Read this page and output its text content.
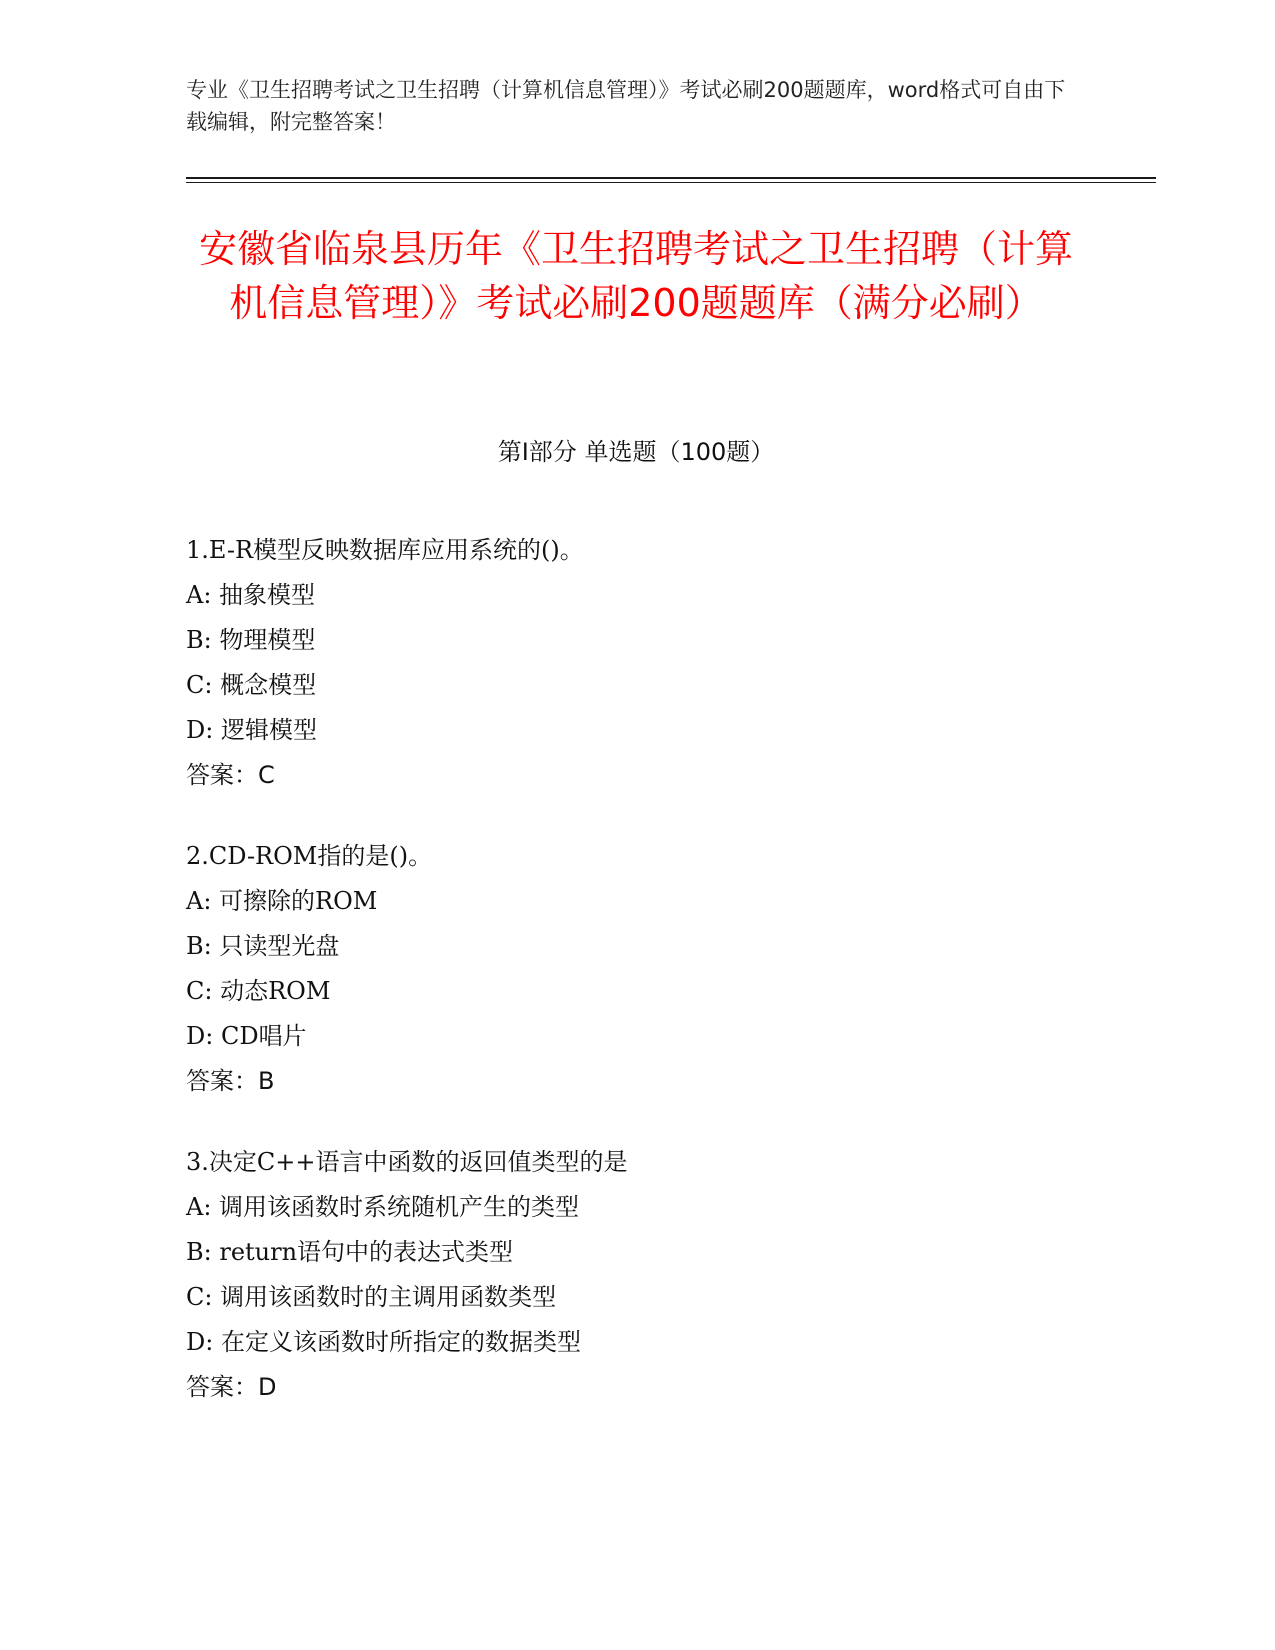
专业《卫生招聘考试之卫生招聘（计算机信息管理）》考试必刷200题题库，word格式可自由下载编辑，附完整答案！
安徽省临泉县历年《卫生招聘考试之卫生招聘（计算机信息管理）》考试必刷200题题库（满分必刷）
第I部分 单选题（100题）
1.E-R模型反映数据库应用系统的()。
A: 抽象模型
B: 物理模型
C: 概念模型
D: 逻辑模型
答案：C
2.CD-ROM指的是()。
A: 可擦除的ROM
B: 只读型光盘
C: 动态ROM
D: CD唱片
答案：B
3.决定C++语言中函数的返回值类型的是
A: 调用该函数时系统随机产生的类型
B: return语句中的表达式类型
C: 调用该函数时的主调用函数类型
D: 在定义该函数时所指定的数据类型
答案：D
